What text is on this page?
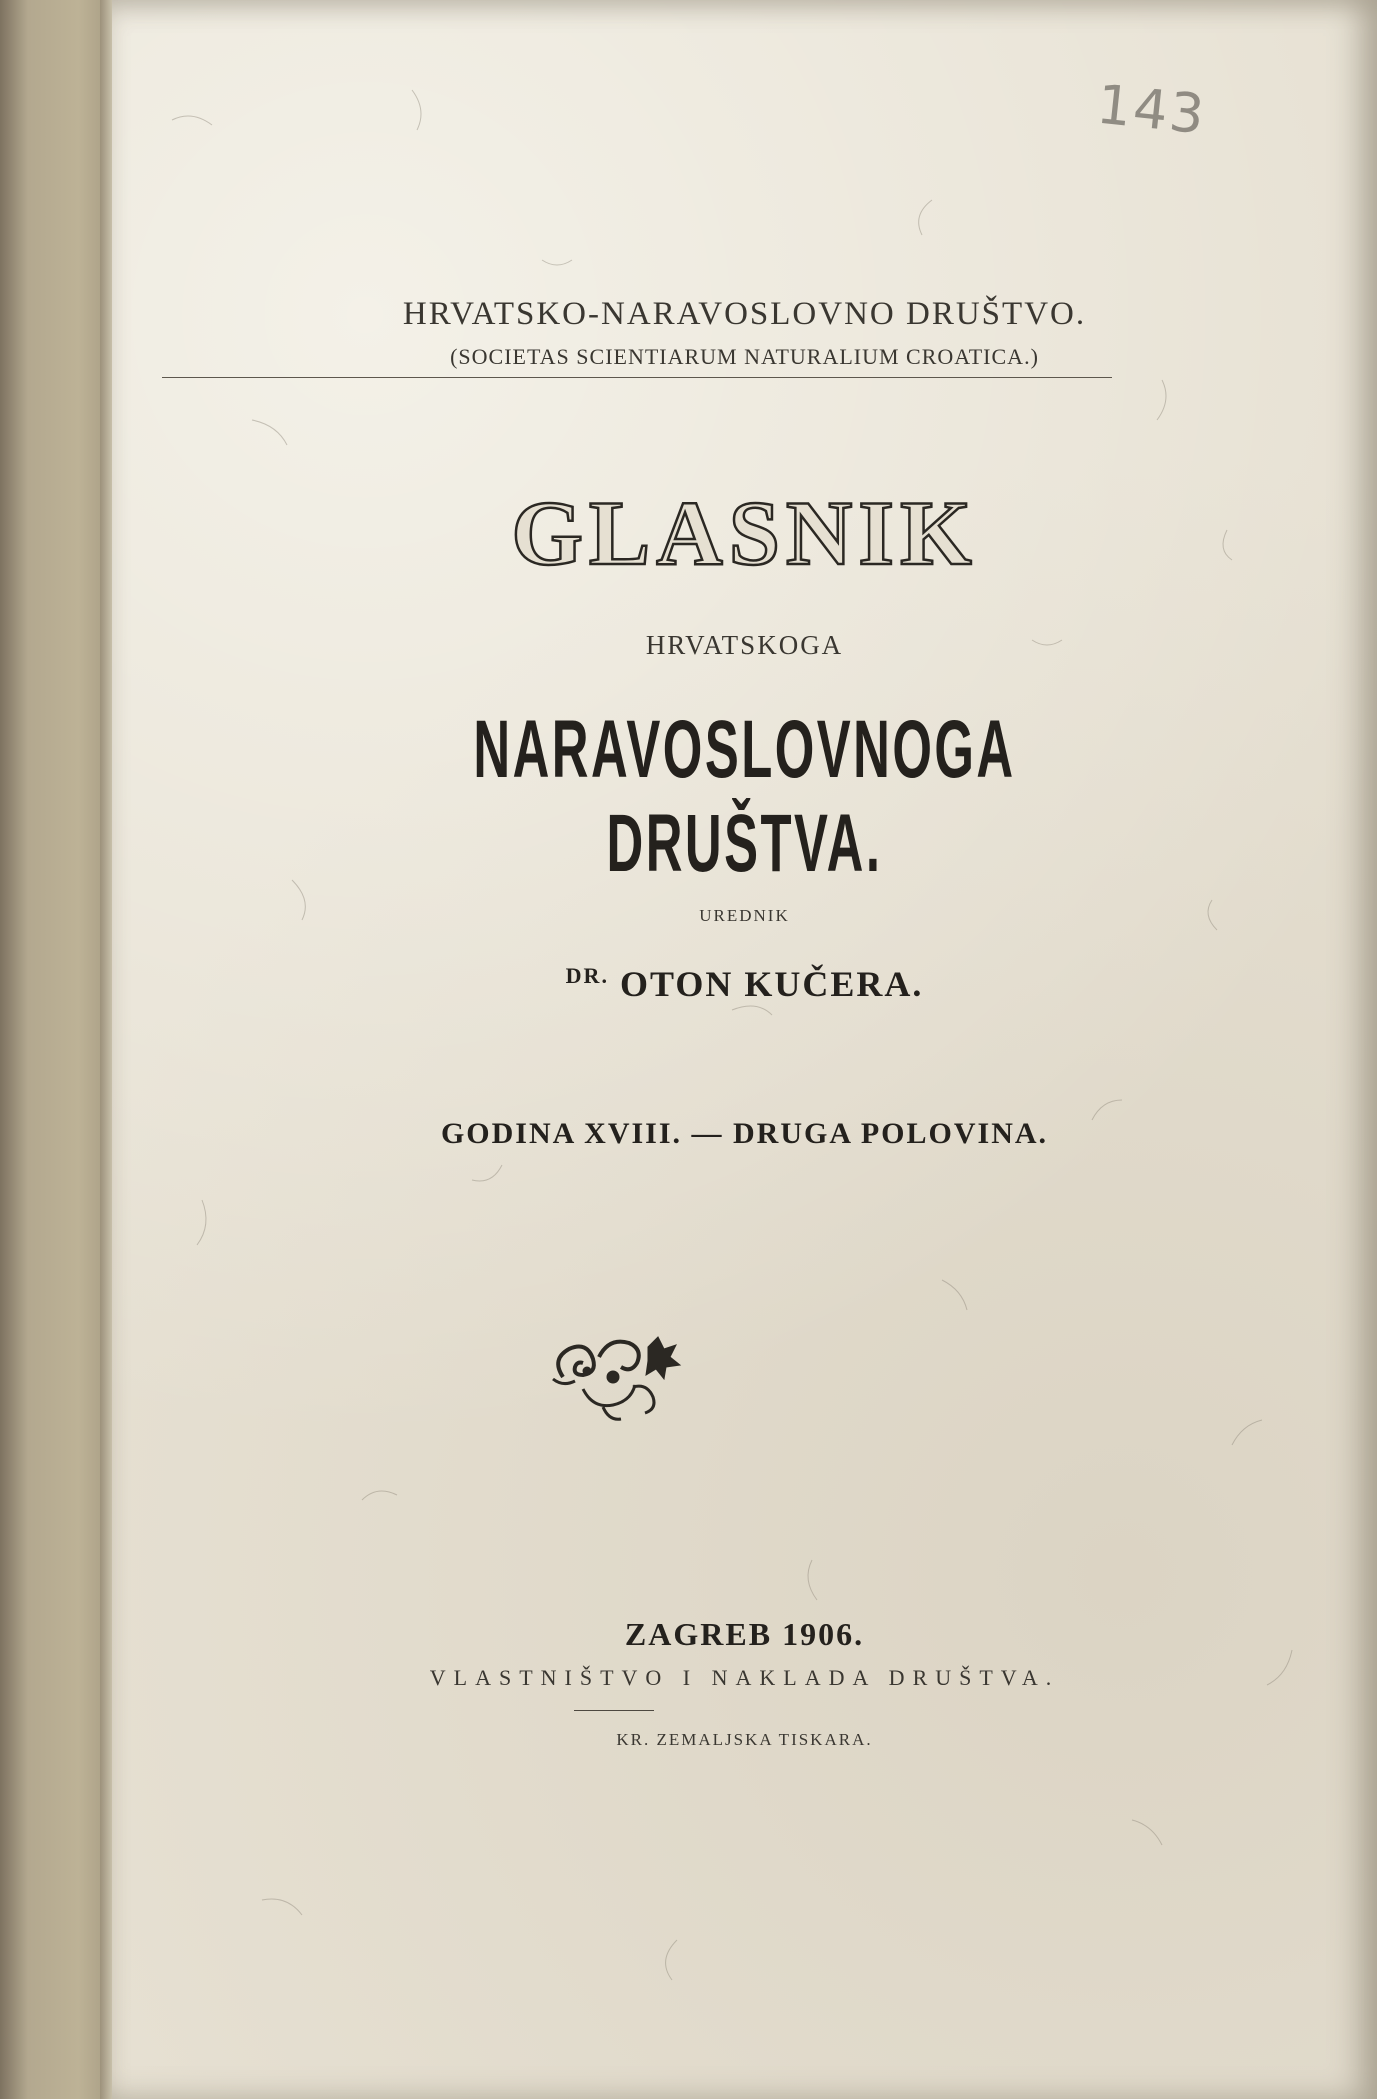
143
HRVATSKO-NARAVOSLOVNO DRUŠTVO.
(SOCIETAS SCIENTIARUM NATURALIUM CROATICA.)
GLASNIK
HRVATSKOGA
NARAVOSLOVNOGA DRUŠTVA.
UREDNIK
$^{DR.}$ OTON KUČERA.
GODINA XVIII. — DRUGA POLOVINA.
ZAGREB 1906.
VLASTNIŠTVO I NAKLADA DRUŠTVA.
KR. ZEMALJSKA TISKARA.
